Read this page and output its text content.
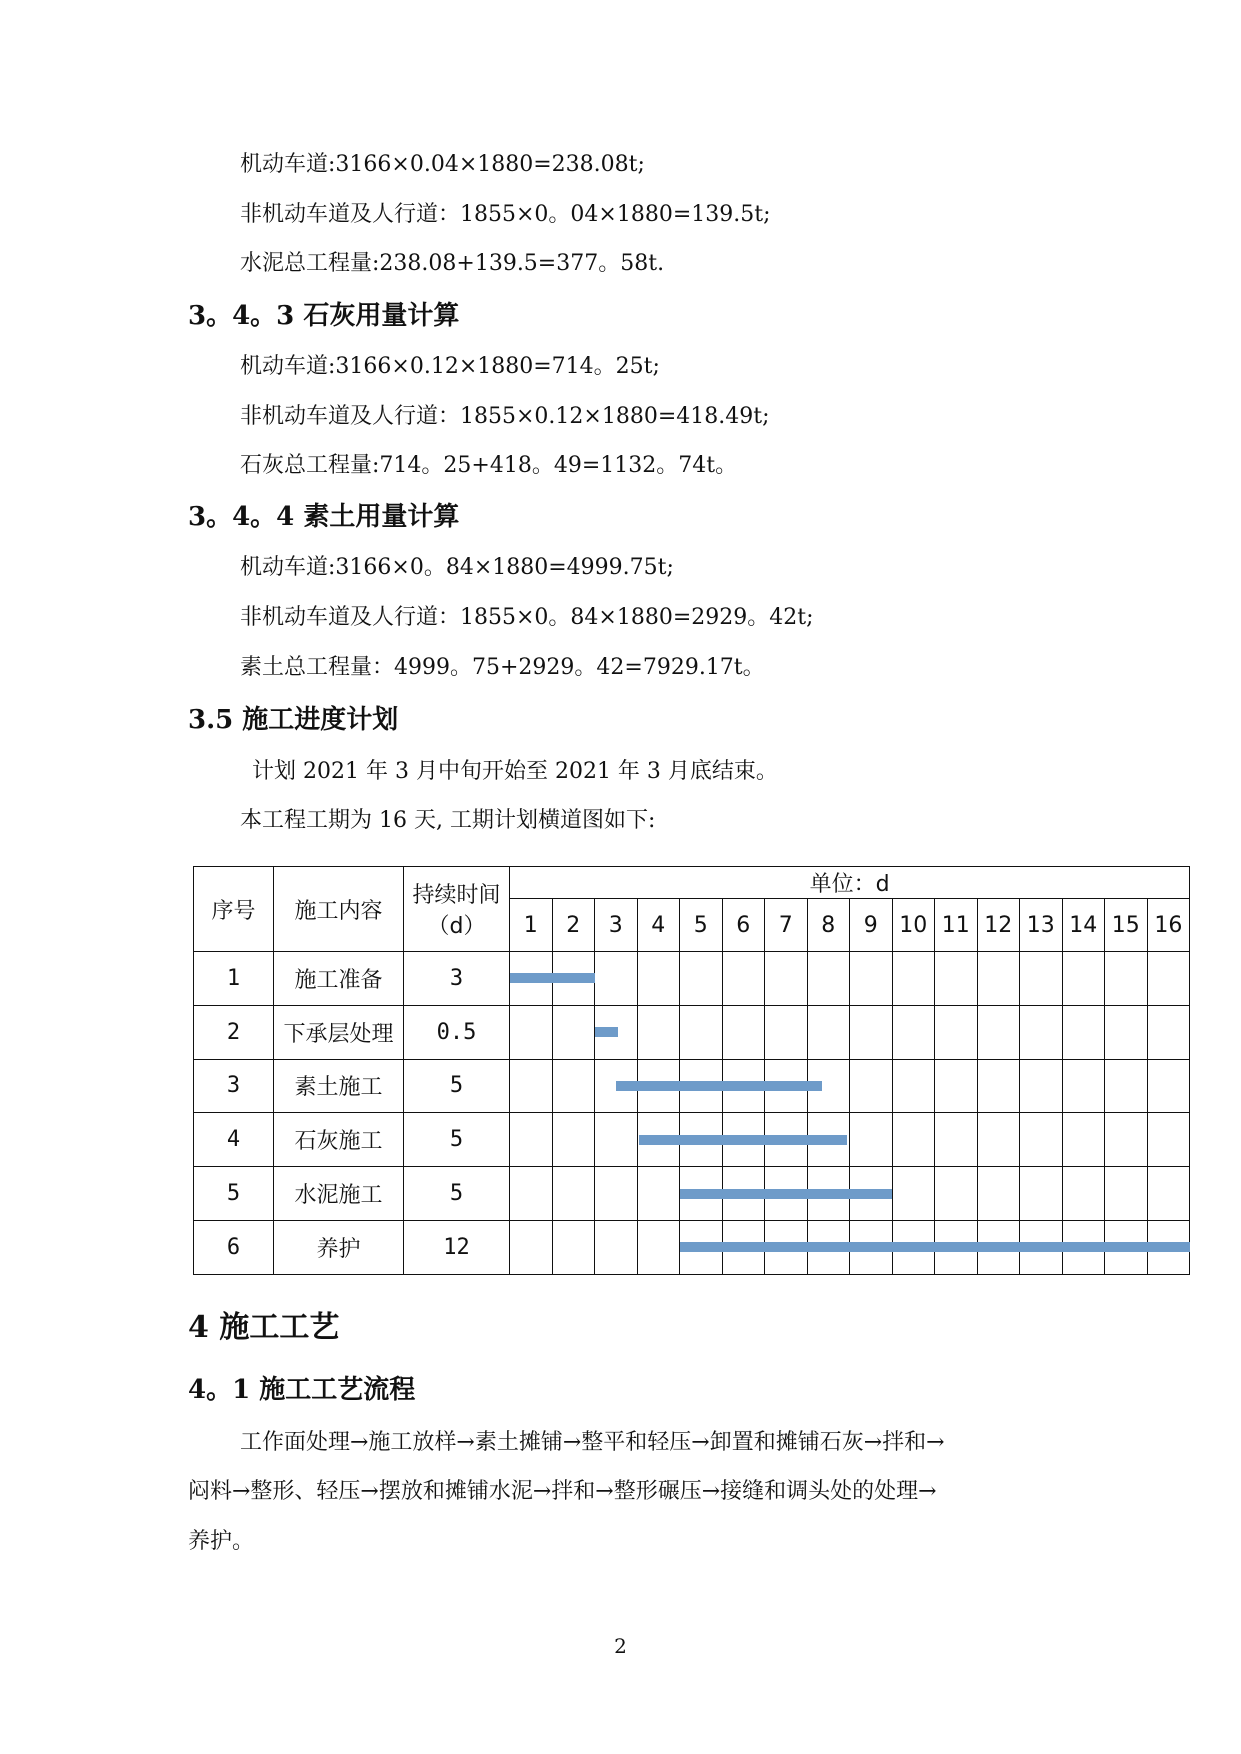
机动车道:3166×0.04×1880=238.08t;
非机动车道及人行道：1855×0。04×1880=139.5t;
水泥总工程量:238.08+139.5=377。58t.
3。4。3 石灰用量计算
机动车道:3166×0.12×1880=714。25t;
非机动车道及人行道：1855×0.12×1880=418.49t;
石灰总工程量:714。25+418。49=1132。74t。
3。4。4 素土用量计算
机动车道:3166×0。84×1880=4999.75t;
非机动车道及人行道：1855×0。84×1880=2929。42t;
素土总工程量：4999。75+2929。42=7929.17t。
3.5 施工进度计划
计划 2021 年 3 月中旬开始至 2021 年 3 月底结束。
本工程工期为 16 天, 工期计划横道图如下:
序号	施工内容	持续时间（d）	单位：d															
			1	2	3	4	5	6	7	8	9	10	11	12	13	14	15	16
1	施工准备	3																
2	下承层处理	0.5																
3	素土施工	5																
4	石灰施工	5																
5	水泥施工	5																
6	养护	12																
4 施工工艺
4。1 施工工艺流程
工作面处理→施工放样→素土摊铺→整平和轻压→卸置和摊铺石灰→拌和→
闷料→整形、轻压→摆放和摊铺水泥→拌和→整形碾压→接缝和调头处的处理→
养护。
2
